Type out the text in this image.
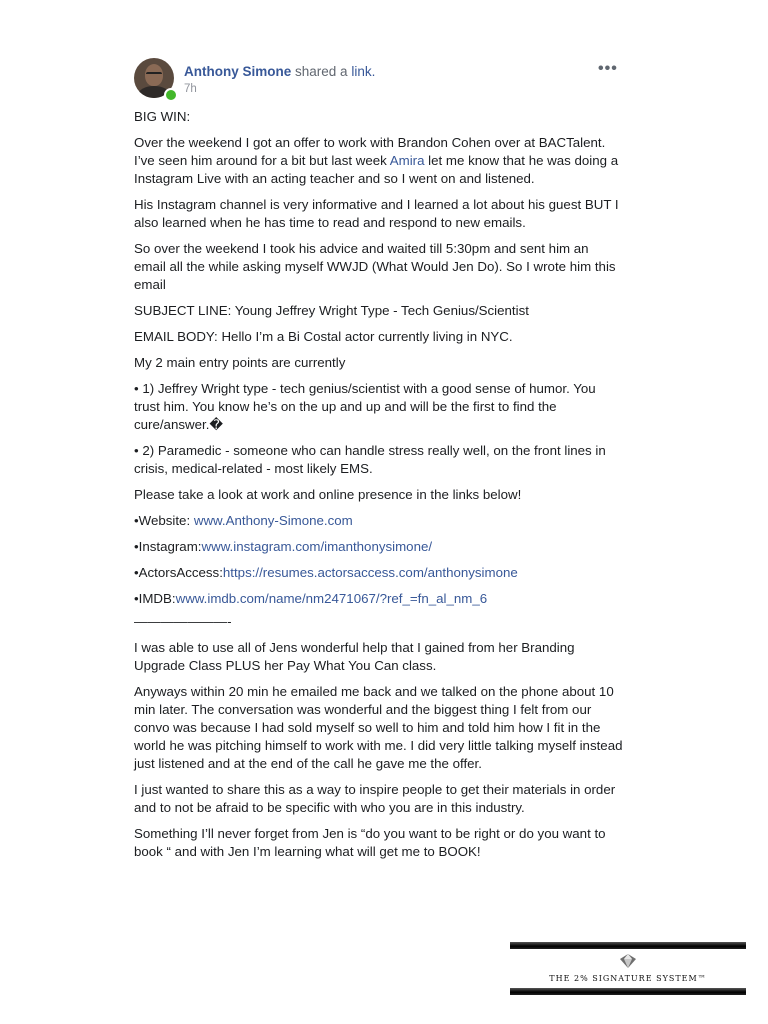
Anthony Simone shared a link.
7h
•••

BIG WIN:

Over the weekend I got an offer to work with Brandon Cohen over at BACTalent. I’ve seen him around for a bit but last week Amira let me know that he was doing a Instagram Live with an acting teacher and so I went on and listened.

His Instagram channel is very informative and I learned a lot about his guest BUT I also learned when he has time to read and respond to new emails.

So over the weekend I took his advice and waited till 5:30pm and sent him an email all the while asking myself WWJD (What Would Jen Do). So I wrote him this email

SUBJECT LINE: Young Jeffrey Wright Type - Tech Genius/Scientist

EMAIL BODY: Hello I’m a Bi Costal actor currently living in NYC.

My 2 main entry points are currently

• 1) Jeffrey Wright type - tech genius/scientist with a good sense of humor. You trust him. You know he’s on the up and up and will be the first to find the cure/answer.�

• 2) Paramedic - someone who can handle stress really well, on the front lines in crisis, medical-related - most likely EMS.

Please take a look at work and online presence in the links below!

•Website: www.Anthony-Simone.com

•Instagram:www.instagram.com/imanthonysimone/

•ActorsAccess:https://resumes.actorsaccess.com/anthonysimone

•IMDB:www.imdb.com/name/nm2471067/?ref_=fn_al_nm_6

———————-

I was able to use all of Jens wonderful help that I gained from her Branding Upgrade Class PLUS her Pay What You Can class.

Anyways within 20 min he emailed me back and we talked on the phone about 10 min later. The conversation was wonderful and the biggest thing I felt from our convo was because I had sold myself so well to him and told him how I fit in the world he was pitching himself to work with me. I did very little talking myself instead just listened and at the end of the call he gave me the offer.

I just wanted to share this as a way to inspire people to get their materials in order and to not be afraid to be specific with who you are in this industry.

Something I’ll never forget from Jen is “do you want to be right or do you want to book “ and with Jen I’m learning what will get me to BOOK!

THE 2% SIGNATURE SYSTEM™
